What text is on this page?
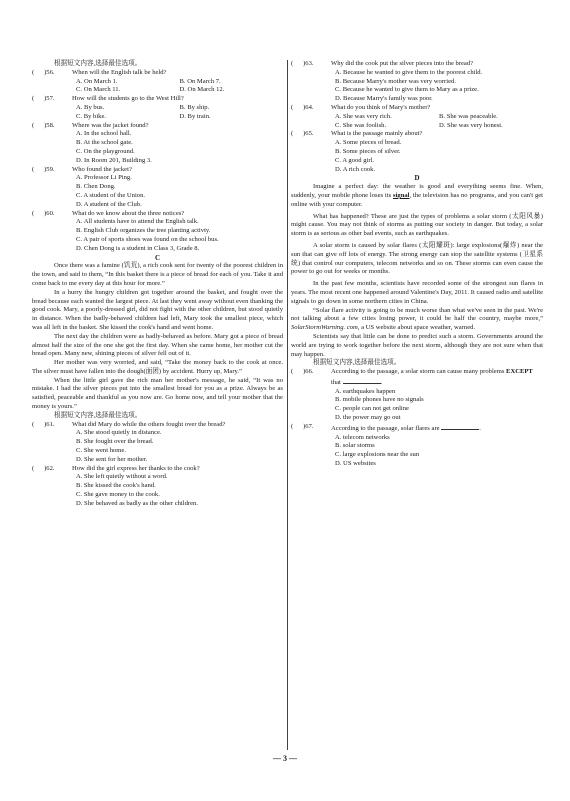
根据短文内容,选择最佳选项。
(      )56.	When will the English talk be held?
A. On March 1.	B. On March 7.
C. On March 11.	D. On March 12.
(      )57.	How will the students go to the West Hill?
A. By bus.	B. By ship.
C. By bike.	D. By train.
(      )58.	Where was the jacket found?
A. In the school hall.
B. At the school gate.
C. On the playground.
D. In Room 201, Building 3.
(      )59.	Who found the jacket?
A. Professor Li Ping.
B. Chen Dong.
C. A student of the Union.
D. A student of the Club.
(      )60.	What do we know about the three notices?
A. All students have to attend the English talk.
B. English Club organizes the tree planting activty.
C. A pair of sports shoes was found on the school bus.
D. Chen Dong is a student in Class 3, Grade 8.
C
Once there was a famine (饥荒), a rich cook sent for twenty of the poorest children in the town, and said to them, “In this basket there is a piece of bread for each of you. Take it and come back to me every day at this hour for more.”
In a hurry the hungry children got together around the basket, and fought over the bread because each wanted the largest piece. At last they went away without even thanking the good cook. Mary, a poorly-dressed girl, did not fight with the other children, but stood quietly in distance. When the badly-behaved children had left, Mary took the smallest piece, which was all left in the basket. She kissed the cook's hand and went home.
The next day the children were as badly-behaved as before. Mary got a piece of bread almost half the size of the one she got the first day. When she came home, her mother cut the bread open. Many new, shining pieces of silver fell out of it.
Her mother was very worried, and said, “Take the money back to the cook at once. The silver must have fallen into the dough(面团) by accident. Hurry up, Mary.”
When the little girl gave the rich man her mother's message, he said, “It was no mistake. I had the silver pieces put into the smallest bread for you as a prize. Always be as satisfied, peaceable and thankful as you now are. Go home now, and tell your mother that the money is yours.”
根据短文内容,选择最佳选项。
(      )61.	What did Mary do while the others fought over the bread?
A. She stood quietly in distance.
B. She fought over the bread.
C. She went home.
D. She sent for her mother.
(      )62.	How did the girl express her thanks to the cook?
A. She left quietly without a word.
B. She kissed the cook's hand.
C. She gave money to the cook.
D. She behaved as badly as the other children.
(      )63.	Why did the cook put the silver pieces into the bread?
A. Because he wanted to give them to the poorest child.
B. Because Marry's mother was very worried.
C. Because he wanted to give them to Mary as a prize.
D. Because Marry's family was poor.
(      )64.	What do you think of Mary's mother?
A. She was very rich.	B. She was peaceable.
C. She was foolish.	D. She was very honest.
(      )65.	What is the passage mainly about?
A. Some pieces of bread.
B. Some pieces of silver.
C. A good girl.
D. A rich cook.
D
Imagine a perfect day: the weather is good and everything seems fine. When, suddenly, your mobile phone loses its signal, the television has no programs, and you can't get online with your computer.
What has happened? These are just the types of problems a solar storm (太阳风暴) might cause. You may not think of storms as putting our society in danger. But today, a solar storm is as serious as other bad events, such as earthquakes.
A solar storm is caused by solar flares (太阳耀斑): large explosions(爆炸) near the sun that can give off lots of energy. The strong energy can stop the satellite systems (卫星系统) that control our computers, telecom networks and so on. These storms can even cause the power to go out for weeks or months.
In the past few months, scientists have recorded some of the strongest sun flares in years. The most recent one happened around Valentine's Day, 2011. It caused radio and satellite signals to go down in some northern cities in China.
“Solar flare activity is going to be much worse than what we've seen in the past. We're not talking about a few cities losing power, it could be half the country, maybe more,” SolarStormWarning. com, a US website about space weather, warned.
Scientists say that little can be done to predict such a storm. Governments around the world are trying to work together before the next storm, although they are not sure when that may happen.
根据短文内容,选择最佳选项。
(      )66.	According to the passage, a solar storm can cause many problems EXCEPT that	.
A. earthquakes happen
B. mobile phones have no signals
C. people can not get online
D. the power may go out
(      )67.	According to the passage, solar flares are	.
A. telecom networks
B. solar storms
C. large explosions near the sun
D. US websites
— 3 —
